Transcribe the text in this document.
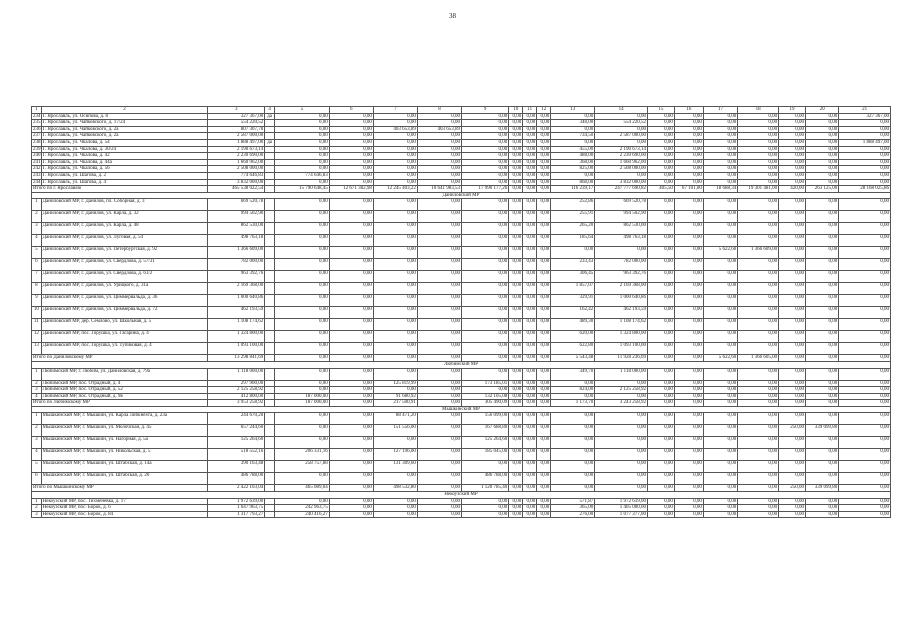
38
1	2	3	4	5	6	7	8	9	10	11	12	13	14	15	16	17	18	19	20	21
234	Г. Ярославль, ул. Осипова, д. 8	327 367,00	да	0,00	0,00	0,00	0,00	0,00	0,00	0,00	0,00	0,00	0,00	0,00	0,00	0,00	0,00	0,00	0,00	327 367,00
235	Г. Ярославль, ул. Чайковского, д. 17/24	554 220,52		0,00	0,00	0,00	0,00	0,00	0,00	0,00	0,00	348,00	554 220,52	0,00	0,00	0,00	0,00	0,00	0,00	0,00
236	Г. Ярославль, ул. Чайковского, д. 2а	807 307,78		0,00	0,00	403 653,89	403 653,89	0,00	0,00	0,00	0,00	0,00	0,00	0,00	0,00	0,00	0,00	0,00	0,00	0,00
237	Г. Ярославль, ул. Чайковского, д. 2а	2 587 000,00		0,00	0,00	0,00	0,00	0,00	0,00	0,00	0,00	734,50	2 587 000,00	0,00	0,00	0,00	0,00	0,00	0,00	0,00
238	Г. Ярославль, ул. Чкалова, д. 54	1 888 497,00	да	0,00	0,00	0,00	0,00	0,00	0,00	0,00	0,00	0,00	0,00	0,00	0,00	0,00	0,00	0,00	0,00	1 888 497,00
239	Г. Ярославль, ул. Чкалова, д. 30/24	2 190 673,14		0,00	0,00	0,00	0,00	0,00	0,00	0,00	0,00	455,00	2 190 673,14	0,00	0,00	0,00	0,00	0,00	0,00	0,00
240	Г. Ярославль, ул. Чкалова, д. 42	2 230 690,00		0,00	0,00	0,00	0,00	0,00	0,00	0,00	0,00	488,00	2 230 690,00	0,00	0,00	0,00	0,00	0,00	0,00	0,00
241	Г. Ярославль, ул. Чкалова, д. 44а	1 660 962,00		0,00	0,00	0,00	0,00	0,00	0,00	0,00	0,00	368,00	1 660 962,00	0,00	0,00	0,00	0,00	0,00	0,00	0,00
242	Г. Ярославль, ул. Чкалова, д. 56	2 508 000,00		0,00	0,00	0,00	0,00	0,00	0,00	0,00	0,00	825,00	2 508 000,00	0,00	0,00	0,00	0,00	0,00	0,00	0,00
243	Г. Ярославль, ул. Шагова, д. 2	774 646,83		774 646,83	0,00	0,00	0,00	0,00	0,00	0,00	0,00	0,00	0,00	0,00	0,00	0,00	0,00	0,00	0,00	0,00
244	Г. Ярославль, ул. Шагова, д. 4	3 832 000,00		0,00	0,00	0,00	0,00	0,00	0,00	0,00	0,00	868,00	3 832 000,00	0,00	0,00	0,00	0,00	0,00	0,00	0,00
Итого по г. Ярославлю		465 538 022,54		15 790 648,45	12 671 382,98	12 245 403,22	10 641 983,53	17 990 177,26	0,00	0,00	0,00	116 239,17	247 777 690,82	405,50	67 101,00	18 688,34	19 301 481,00	420,00	263 125,00	28 168 025,86
Даниловский МР																				
1	Даниловский МР, г. Данилов, пл. Соборная, д. 3	669 520,78		0,00	0,00	0,00	0,00	0,00	0,00	0,00	0,00	252,86	669 520,78	0,00	0,00	0,00	0,00	0,00	0,00	0,00
2	Даниловский МР, г. Данилов, ул. Карла, д. 32	994 502,90		0,00	0,00	0,00	0,00	0,00	0,00	0,00	0,00	255,91	994 502,90	0,00	0,00	0,00	0,00	0,00	0,00	0,00
3	Даниловский МР, г. Данилов, ул. Карла, д. 48	862 530,00		0,00	0,00	0,00	0,00	0,00	0,00	0,00	0,00	265,20	862 530,00	0,00	0,00	0,00	0,00	0,00	0,00	0,00
4	Даниловский МР, г. Данилов, ул. Луговая, д. 54	498 763,18		0,00	0,00	0,00	0,00	0,00	0,00	0,00	0,00	185,64	498 763,18	0,00	0,00	0,00	0,00	0,00	0,00	0,00
5	Даниловский МР, г. Данилов, ул. Петербургская, д. 92	1 366 609,00		0,00	0,00	0,00	0,00	0,00	0,00	0,00	0,00	0,00	0,00	0,00	0,00	5 622,60	1 366 609,00	0,00	0,00	0,00
6	Даниловский МР, г. Данилов, ул. Свердлова, д. 57/31	782 000,00		0,00	0,00	0,00	0,00	0,00	0,00	0,00	0,00	233,43	782 000,00	0,00	0,00	0,00	0,00	0,00	0,00	0,00
7	Даниловский МР, г. Данилов, ул. Свердлова, д. 61/2	963 392,76		0,00	0,00	0,00	0,00	0,00	0,00	0,00	0,00	306,45	963 392,76	0,00	0,00	0,00	0,00	0,00	0,00	0,00
8	Даниловский МР, г. Данилов, ул. Урицкого, д. 31а	2 169 368,00		0,00	0,00	0,00	0,00	0,00	0,00	0,00	0,00	1 857,07	2 169 368,00	0,00	0,00	0,00	0,00	0,00	0,00	0,00
9	Даниловский МР, г. Данилов, ул. Циммервальда, д. 36	1 000 640,86		0,00	0,00	0,00	0,00	0,00	0,00	0,00	0,00	329,91	1 000 640,86	0,00	0,00	0,00	0,00	0,00	0,00	0,00
10	Даниловский МР, г. Данилов, ул. Циммервальда, д. 72	462 193,59		0,00	0,00	0,00	0,00	0,00	0,00	0,00	0,00	162,42	462 193,59	0,00	0,00	0,00	0,00	0,00	0,00	0,00
11	Даниловский МР, дер. Семлово, ул. Школьная, д. 5	1 108 174,62		0,00	0,00	0,00	0,00	0,00	0,00	0,00	0,00	489,30	1 108 174,62	0,00	0,00	0,00	0,00	0,00	0,00	0,00
12	Даниловский МР, пос. Горушка, ул. Гагарина, д. 4	1 324 800,00		0,00	0,00	0,00	0,00	0,00	0,00	0,00	0,00	620,00	1 324 800,00	0,00	0,00	0,00	0,00	0,00	0,00	0,00
13	Даниловский МР, пос. Горушка, ул. Тупиковая, д. 4	1 093 100,00		0,00	0,00	0,00	0,00	0,00	0,00	0,00	0,00	622,80	1 093 100,00	0,00	0,00	0,00	0,00	0,00	0,00	0,00
Итого по Даниловскому МР		13 298 841,69		0,00	0,00	0,00	0,00	0,00	0,00	0,00	0,00	5 543,48	11 928 236,69	0,00	0,00	5 622,60	1 366 605,00	0,00	0,00	0,00
Любимский МР																				
1	Любимский МР, г. Любим, ул. Даниловская, д. 79а	1 118 000,00		0,00	0,00	0,00	0,00	0,00	0,00	0,00	0,00	349,70	1 118 000,00	0,00	0,00	0,00	0,00	0,00	0,00	0,00
2	Любимский МР, пос. Отрадный, д. 4	297 900,00		0,00	0,00	125 819,99	0,00	173 185,01	0,00	0,00	0,00	0,00	0,00	0,00	0,00	0,00	0,00	0,00	0,00	0,00
3	Любимский МР, пос. Отрадный, д. 52	2 125 258,92		0,00	0,00	0,00	0,00	0,00	0,00	0,00	0,00	824,00	2 125 258,92	0,00	0,00	0,00	0,00	0,00	0,00	0,00
4	Любимский МР, пос. Отрадный, д. 9в	412 800,00		187 000,00	0,00	91 680,92	0,00	132 105,08	0,00	0,00	0,00	0,00	0,00	0,00	0,00	0,00	0,00	0,00	0,00	0,00
Итого по Любимскому МР		3 953 258,92		187 000,00	0,00	217 500,91	0,00	305 490,09	0,00	0,00	0,00	1 173,70	3 243 258,92	0,00	0,00	0,00	0,00	0,00	0,00	0,00
Мышкинский МР																				
1	Мышкинский МР, г. Мышкин, ул. Карла Либкнехта, д. 23а	244 670,20		0,00	0,00	88 471,20	0,00	156 099,00	0,00	0,00	0,00	0,00	0,00	0,00	0,00	0,00	0,00	0,00	0,00	0,00
2	Мышкинский МР, г. Мышкин, ул. Молочская, д. 45	657 244,60		0,00	0,00	151 556,00	0,00	167 688,80	0,00	0,00	0,00	0,00	0,00	0,00	0,00	0,00	0,00	250,00	339 099,80	0,00
3	Мышкинский МР, г. Мышкин, ул. Нагорная, д. 5а	125 264,60		0,00	0,00	0,00	0,00	125 264,60	0,00	0,00	0,00	0,00	0,00	0,00	0,00	0,00	0,00	0,00	0,00	0,00
4	Мышкинский МР, г. Мышкин, ул. Никольская, д. 5	518 552,16		206 331,16	0,00	127 196,00	0,00	185 045,00	0,00	0,00	0,00	0,00	0,00	0,00	0,00	0,00	0,00	0,00	0,00	0,00
5	Мышкинский МР, г. Мышкин, ул. Штабская, д. 14а	390 163,48		258 757,88	0,00	131 309,60	0,00	0,00	0,00	0,00	0,00	0,00	0,00	0,00	0,00	0,00	0,00	0,00	0,00	0,00
6	Мышкинский МР, г. Мышкин, ул. Штабская, д. 20	486 788,00		0,00	0,00	0,00	0,00	486 788,00	0,00	0,00	0,00	0,00	0,00	0,00	0,00	0,00	0,00	0,00	0,00	0,00
Итого по Мышкинскому МР		2 422 103,04		465 089,04	0,00	498 532,80	0,00	1 120 785,40	0,00	0,00	0,00	0,00	0,00	0,00	0,00	0,00	0,00	250,00	339 099,80	0,00
Некоузский МР																				
1	Некоузский МР, пос. Тихменёвка, д. 17	1 972 639,00		0,00	0,00	0,00	0,00	0,00	0,00	0,00	0,00	571,87	1 972 639,00	0,00	0,00	0,00	0,00	0,00	0,00	0,00
2	Некоузский МР, пос. Борок, д. 6	1 647 963,75		242 963,75	0,00	0,00	0,00	0,00	0,00	0,00	0,00	365,00	1 405 000,00	0,00	0,00	0,00	0,00	0,00	0,00	0,00
3	Некоузский МР, пос. Борок, д. 84	1 317 793,27		240 416,27	0,00	0,00	0,00	0,00	0,00	0,00	0,00	276,00	1 077 377,00	0,00	0,00	0,00	0,00	0,00	0,00	0,00
